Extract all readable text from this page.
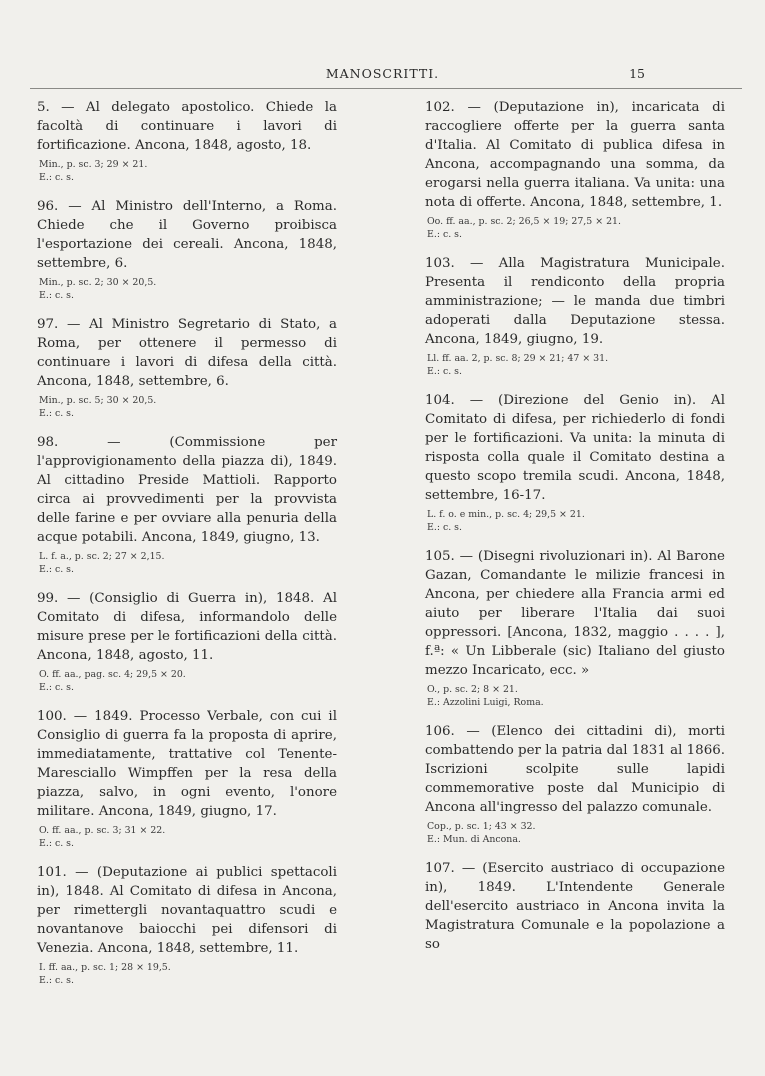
MANOSCRITTI.	15

5. — Al delegato apostolico. Chiede la facoltà di continuare i lavori di fortificazione. Ancona, 1848, agosto, 18.

Min., p. sc. 3; 29 × 21.
E.: c. s.

96. — Al Ministro dell'Interno, a Roma. Chiede che il Governo proibisca l'esportazione dei cereali. Ancona, 1848, settembre, 6.

Min., p. sc. 2; 30 × 20,5.
E.: c. s.

97. — Al Ministro Segretario di Stato, a Roma, per ottenere il permesso di continuare i lavori di difesa della città. Ancona, 1848, settembre, 6.

Min., p. sc. 5; 30 × 20,5.
E.: c. s.

98. — (Commissione per l'approvigionamento della piazza di), 1849. Al cittadino Preside Mattioli. Rapporto circa ai provvedimenti per la provvista delle farine e per ovviare alla penuria della acque potabili. Ancona, 1849, giugno, 13.

L. f. a., p. sc. 2; 27 × 2,15.
E.: c. s.

99. — (Consiglio di Guerra in), 1848. Al Comitato di difesa, informandolo delle misure prese per le fortificazioni della città. Ancona, 1848, agosto, 11.

O. ff. aa., pag. sc. 4; 29,5 × 20.
E.: c. s.

100. — 1849. Processo Verbale, con cui il Consiglio di guerra fa la proposta di aprire, immediatamente, trattative col Tenente-Maresciallo Wimpffen per la resa della piazza, salvo, in ogni evento, l'onore militare. Ancona, 1849, giugno, 17.

O. ff. aa., p. sc. 3; 31 × 22.
E.: c. s.

101. — (Deputazione ai publici spettacoli in), 1848. Al Comitato di difesa in Ancona, per rimettergli novantaquattro scudi e novantanove baiocchi pei difensori di Venezia. Ancona, 1848, settembre, 11.

I. ff. aa., p. sc. 1; 28 × 19,5.
E.: c. s.

102. — (Deputazione in), incaricata di raccogliere offerte per la guerra santa d'Italia. Al Comitato di publica difesa in Ancona, accompagnando una somma, da erogarsi nella guerra italiana. Va unita: una nota di offerte. Ancona, 1848, settembre, 1.

Oo. ff. aa., p. sc. 2; 26,5 × 19; 27,5 × 21.
E.: c. s.

103. — Alla Magistratura Municipale. Presenta il rendiconto della propria amministrazione; — le manda due timbri adoperati dalla Deputazione stessa. Ancona, 1849, giugno, 19.

Ll. ff. aa. 2, p. sc. 8; 29 × 21; 47 × 31.
E.: c. s.

104. — (Direzione del Genio in). Al Comitato di difesa, per richiederlo di fondi per le fortificazioni. Va unita: la minuta di risposta colla quale il Comitato destina a questo scopo tremila scudi. Ancona, 1848, settembre, 16-17.

L. f. o. e min., p. sc. 4; 29,5 × 21.
E.: c. s.

105. — (Disegni rivoluzionari in). Al Barone Gazan, Comandante le milizie francesi in Ancona, per chiedere alla Francia armi ed aiuto per liberare l'Italia dai suoi oppressori. [Ancona, 1832, maggio . . . . ], f.ª: « Un Libberale (sic) Italiano del giusto mezzo Incaricato, ecc. »

O., p. sc. 2; 8 × 21.
E.: Azzolini Luigi, Roma.

106. — (Elenco dei cittadini di), morti combattendo per la patria dal 1831 al 1866. Iscrizioni scolpite sulle lapidi commemorative poste dal Municipio di Ancona all'ingresso del palazzo comunale.

Cop., p. sc. 1; 43 × 32.
E.: Mun. di Ancona.

107. — (Esercito austriaco di occupazione in), 1849. L'Intendente Generale dell'esercito austriaco in Ancona invita la Magistratura Comunale e la popolazione a so
